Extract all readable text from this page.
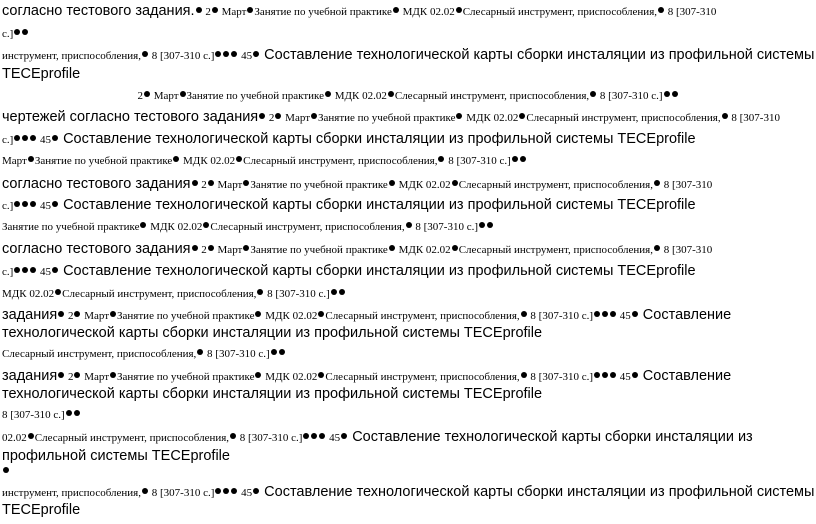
согласно тестового задания. 2 Март Занятие по учебной практике МДК 02.02 Слесарный инструмент, приспособления, 8 [307-310
с.]
инструмент, приспособления, 8 [307-310 с.] 45 Составление технологической карты сборки инсталяции из профильной системы
TECEprofile
2 Март Занятие по учебной практике МДК 02.02 Слесарный инструмент, приспособления, 8 [307-310 с.]
чертежей согласно тестового задания 2 Март Занятие по учебной практике МДК 02.02 Слесарный инструмент, приспособления, 8 [307-310
с.] 45 Составление технологической карты сборки инсталяции из профильной системы TECEprofile
Март Занятие по учебной практике МДК 02.02 Слесарный инструмент, приспособления, 8 [307-310 с.]
согласно тестового задания 2 Март Занятие по учебной практике МДК 02.02 Слесарный инструмент, приспособления, 8 [307-310
с.] 45 Составление технологической карты сборки инсталяции из профильной системы TECEprofile
Занятие по учебной практике МДК 02.02 Слесарный инструмент, приспособления, 8 [307-310 с.]
согласно тестового задания 2 Март Занятие по учебной практике МДК 02.02 Слесарный инструмент, приспособления, 8 [307-310
с.] 45 Составление технологической карты сборки инсталяции из профильной системы TECEprofile
МДК 02.02 Слесарный инструмент, приспособления, 8 [307-310 с.]
задания 2 Март Занятие по учебной практике МДК 02.02 Слесарный инструмент, приспособления, 8 [307-310 с.] 45 Составление
технологической карты сборки инсталяции из профильной системы TECEprofile
Слесарный инструмент, приспособления, 8 [307-310 с.]
задания 2 Март Занятие по учебной практике МДК 02.02 Слесарный инструмент, приспособления, 8 [307-310 с.] 45 Составление
технологической карты сборки инсталяции из профильной системы TECEprofile
8 [307-310 с.]
02.02 Слесарный инструмент, приспособления, 8 [307-310 с.] 45 Составление технологической карты сборки инсталяции из
профильной системы TECEprofile
инструмент, приспособления, 8 [307-310 с.] 45 Составление технологической карты сборки инсталяции из профильной системы
TECEprofile
